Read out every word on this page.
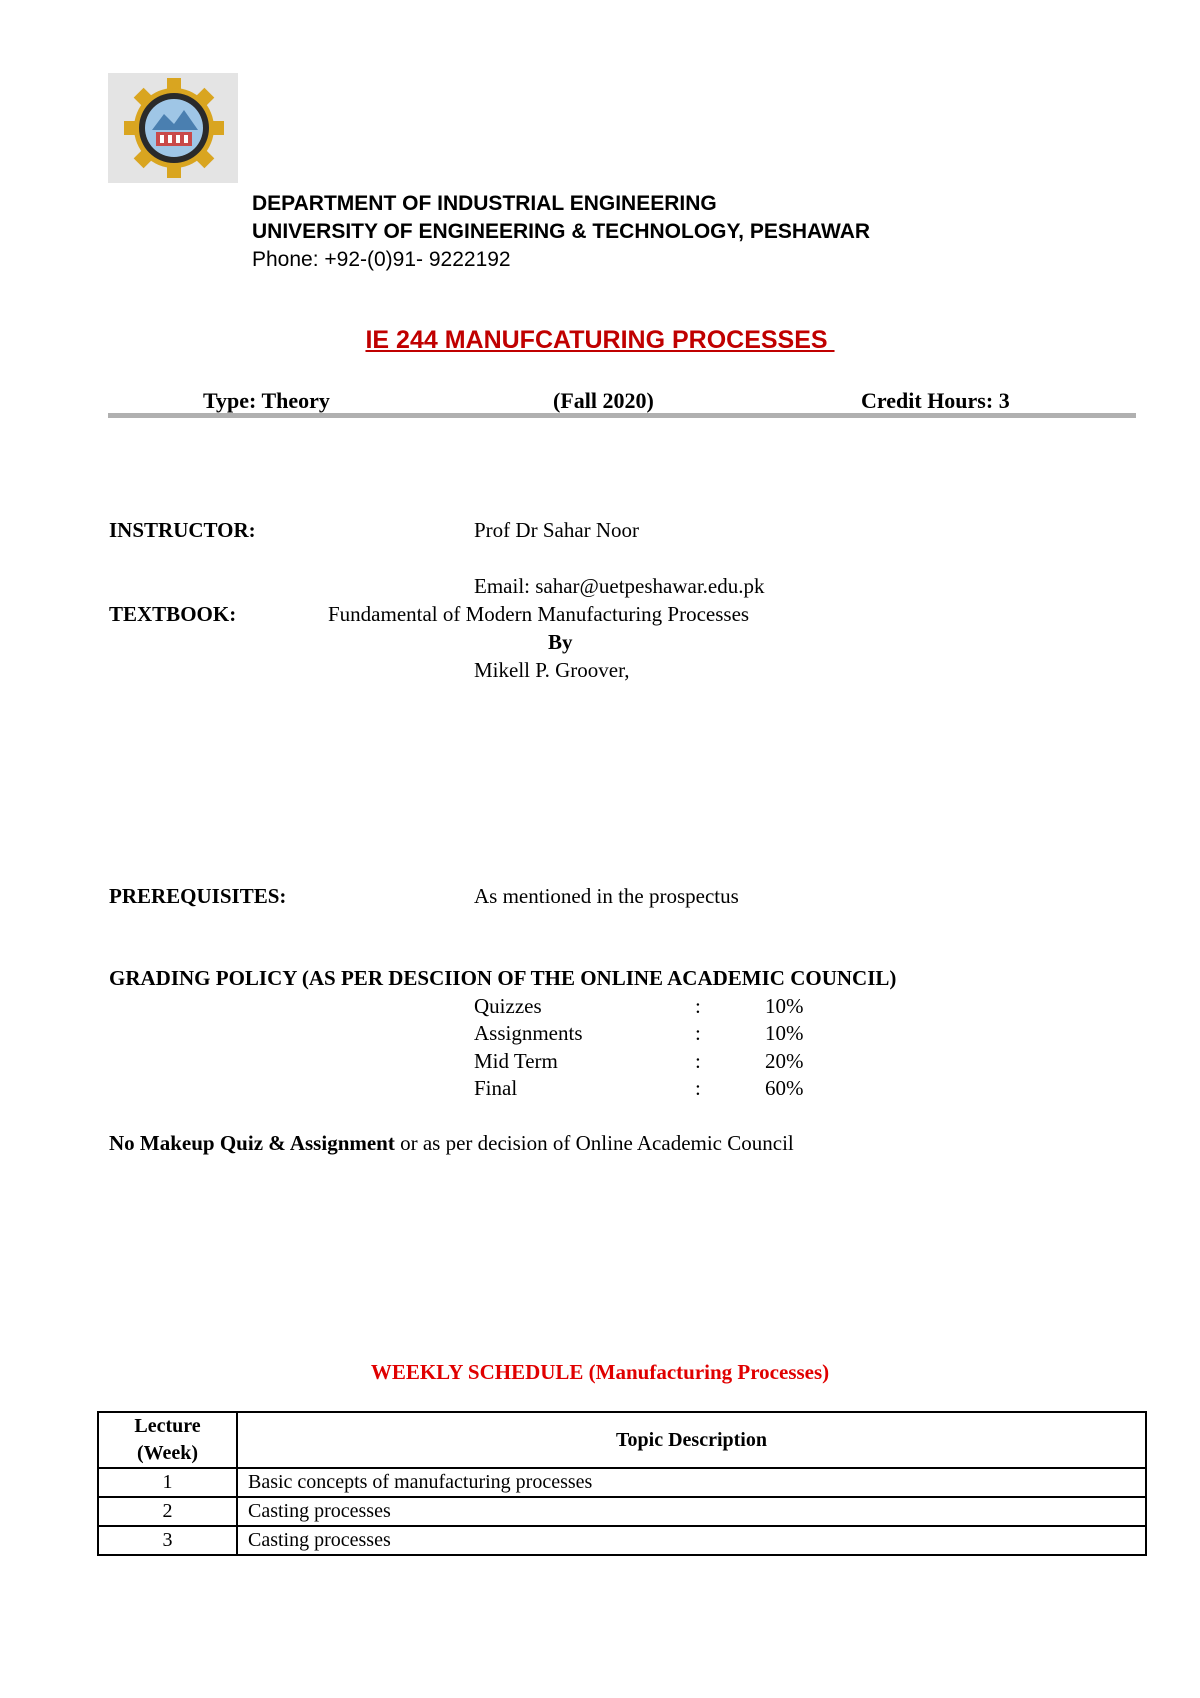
DEPARTMENT OF INDUSTRIAL ENGINEERING
UNIVERSITY OF ENGINEERING & TECHNOLOGY, PESHAWAR
Phone: +92-(0)91- 9222192
IE 244 MANUFCATURING PROCESSES
Type: Theory	(Fall 2020)	Credit Hours: 3
INSTRUCTOR:	Prof Dr Sahar Noor
Email: sahar@uetpeshawar.edu.pk
TEXTBOOK:	Fundamental of Modern Manufacturing Processes
By
Mikell P. Groover,
PREREQUISITES:	As mentioned in the prospectus
GRADING POLICY (AS PER DESCIION OF THE ONLINE ACADEMIC COUNCIL)
Quizzes	:	10%
Assignments	:	10%
Mid Term	:	20%
Final	:	60%
No Makeup Quiz & Assignment or as per decision of Online Academic Council
WEEKLY SCHEDULE (Manufacturing Processes)
Lecture
(Week)	Topic Description
1	Basic concepts of manufacturing processes
2	Casting processes
3	Casting processes
